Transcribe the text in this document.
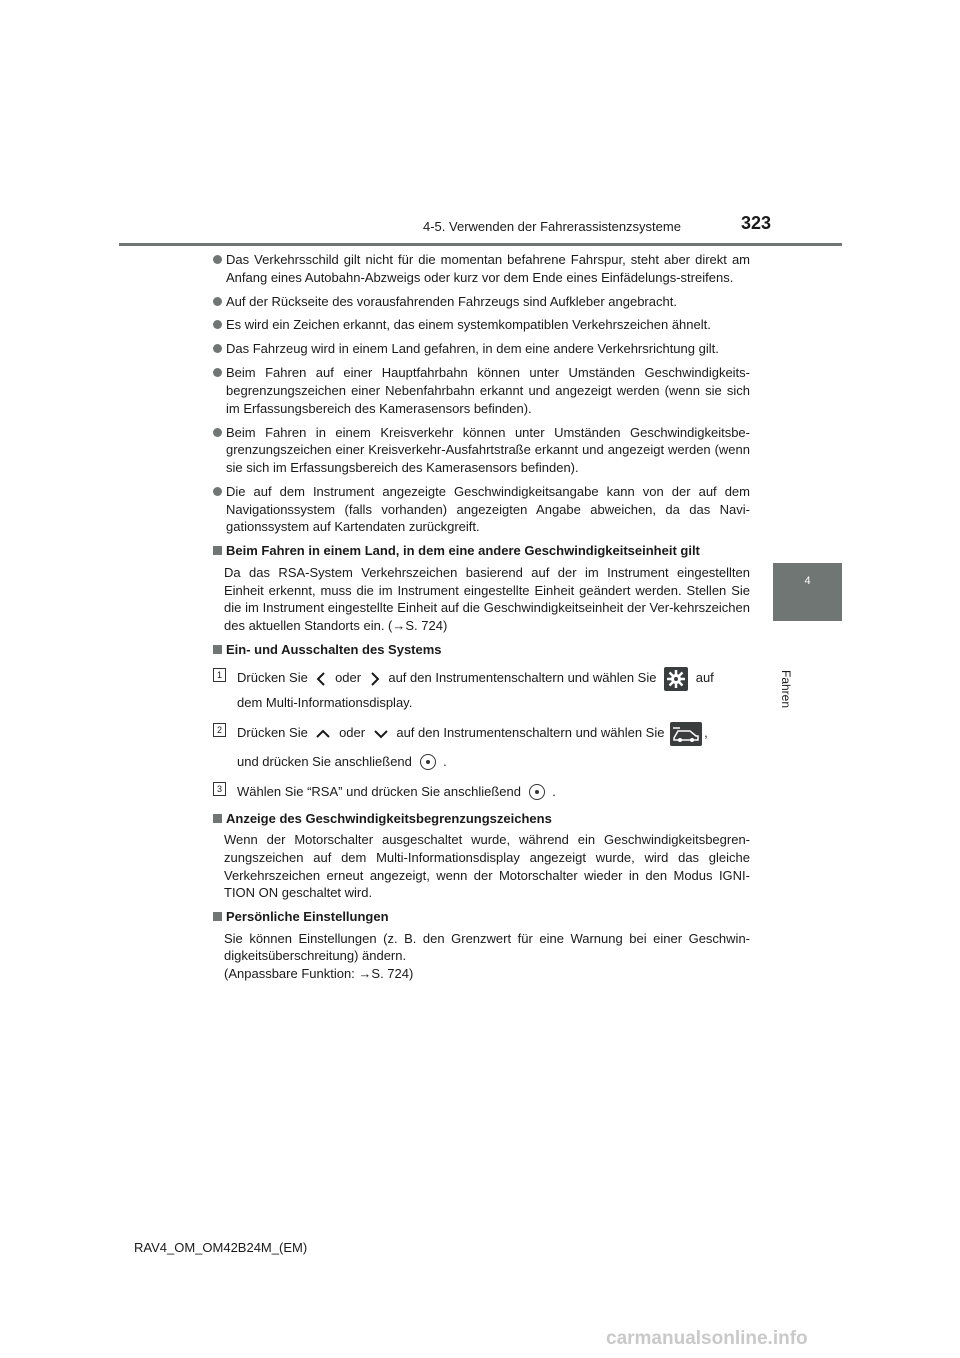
4-5. Verwenden der Fahrerassistenzsysteme	323
4
Fahren
Das Verkehrsschild gilt nicht für die momentan befahrene Fahrspur, steht aber direkt am Anfang eines Autobahn-Abzweigs oder kurz vor dem Ende eines Einfädelungs-streifens.
Auf der Rückseite des vorausfahrenden Fahrzeugs sind Aufkleber angebracht.
Es wird ein Zeichen erkannt, das einem systemkompatiblen Verkehrszeichen ähnelt.
Das Fahrzeug wird in einem Land gefahren, in dem eine andere Verkehrsrichtung gilt.
Beim Fahren auf einer Hauptfahrbahn können unter Umständen Geschwindigkeits-begrenzungszeichen einer Nebenfahrbahn erkannt und angezeigt werden (wenn sie sich im Erfassungsbereich des Kamerasensors befinden).
Beim Fahren in einem Kreisverkehr können unter Umständen Geschwindigkeitsbe-grenzungszeichen einer Kreisverkehr-Ausfahrtstraße erkannt und angezeigt werden (wenn sie sich im Erfassungsbereich des Kamerasensors befinden).
Die auf dem Instrument angezeigte Geschwindigkeitsangabe kann von der auf dem Navigationssystem (falls vorhanden) angezeigten Angabe abweichen, da das Navi-gationssystem auf Kartendaten zurückgreift.
Beim Fahren in einem Land, in dem eine andere Geschwindigkeitseinheit gilt
Da das RSA-System Verkehrszeichen basierend auf der im Instrument eingestellten Einheit erkennt, muss die im Instrument eingestellte Einheit geändert werden. Stellen Sie die im Instrument eingestellte Einheit auf die Geschwindigkeitseinheit der Ver-kehrszeichen des aktuellen Standorts ein. (→S. 724)
Ein- und Ausschalten des Systems
1	Drücken Sie oder auf den Instrumentenschaltern und wählen Sie	auf
dem Multi-Informationsdisplay.
2	Drücken Sie oder auf den Instrumentenschaltern und wählen Sie	,
und drücken Sie anschließend .
3	Wählen Sie “RSA” und drücken Sie anschließend .
Anzeige des Geschwindigkeitsbegrenzungszeichens
Wenn der Motorschalter ausgeschaltet wurde, während ein Geschwindigkeitsbegren-zungszeichen auf dem Multi-Informationsdisplay angezeigt wurde, wird das gleiche Verkehrszeichen erneut angezeigt, wenn der Motorschalter wieder in den Modus IGNI-TION ON geschaltet wird.
Persönliche Einstellungen
Sie können Einstellungen (z. B. den Grenzwert für eine Warnung bei einer Geschwin-digkeitsüberschreitung) ändern.
(Anpassbare Funktion: →S. 724)
RAV4_OM_OM42B24M_(EM)
carmanualsonline.info
